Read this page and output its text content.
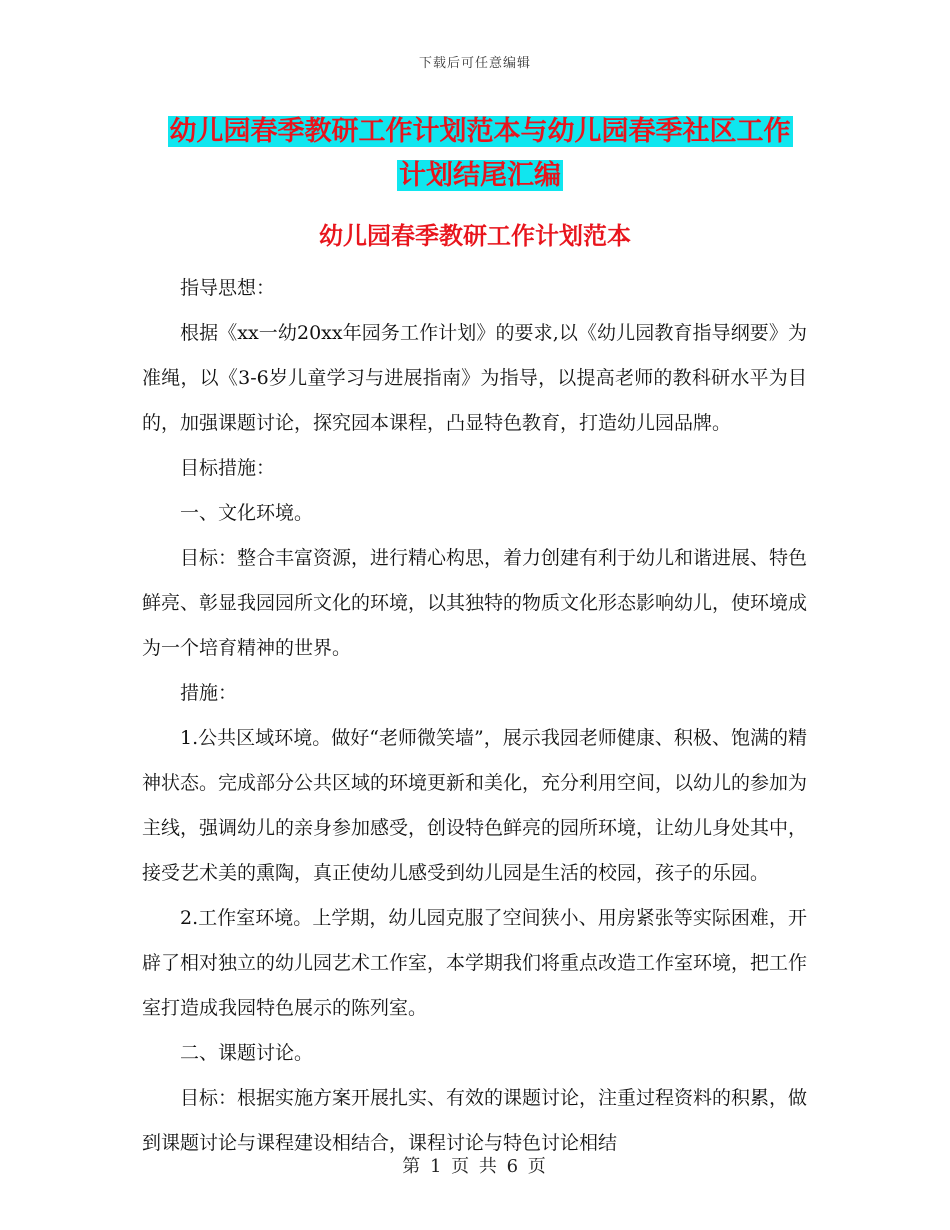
下载后可任意编辑
幼儿园春季教研工作计划范本与幼儿园春季社区工作
计划结尾汇编
幼儿园春季教研工作计划范本

指导思想：

根据《xx一幼20xx年园务工作计划》的要求,以《幼儿园教育指导纲要》为准绳，以《3-6岁儿童学习与进展指南》为指导，以提高老师的教科研水平为目的，加强课题讨论，探究园本课程，凸显特色教育，打造幼儿园品牌。

目标措施：

一、文化环境。

目标：整合丰富资源，进行精心构思，着力创建有利于幼儿和谐进展、特色鲜亮、彰显我园园所文化的环境，以其独特的物质文化形态影响幼儿，使环境成为一个培育精神的世界。

措施：

1.公共区域环境。做好“老师微笑墙”，展示我园老师健康、积极、饱满的精神状态。完成部分公共区域的环境更新和美化，充分利用空间，以幼儿的参加为主线，强调幼儿的亲身参加感受，创设特色鲜亮的园所环境，让幼儿身处其中，接受艺术美的熏陶，真正使幼儿感受到幼儿园是生活的校园，孩子的乐园。

2.工作室环境。上学期，幼儿园克服了空间狭小、用房紧张等实际困难，开辟了相对独立的幼儿园艺术工作室，本学期我们将重点改造工作室环境，把工作室打造成我园特色展示的陈列室。

二、课题讨论。

目标：根据实施方案开展扎实、有效的课题讨论，注重过程资料的积累，做到课题讨论与课程建设相结合，课程讨论与特色讨论相结

第 1 页 共 6 页
